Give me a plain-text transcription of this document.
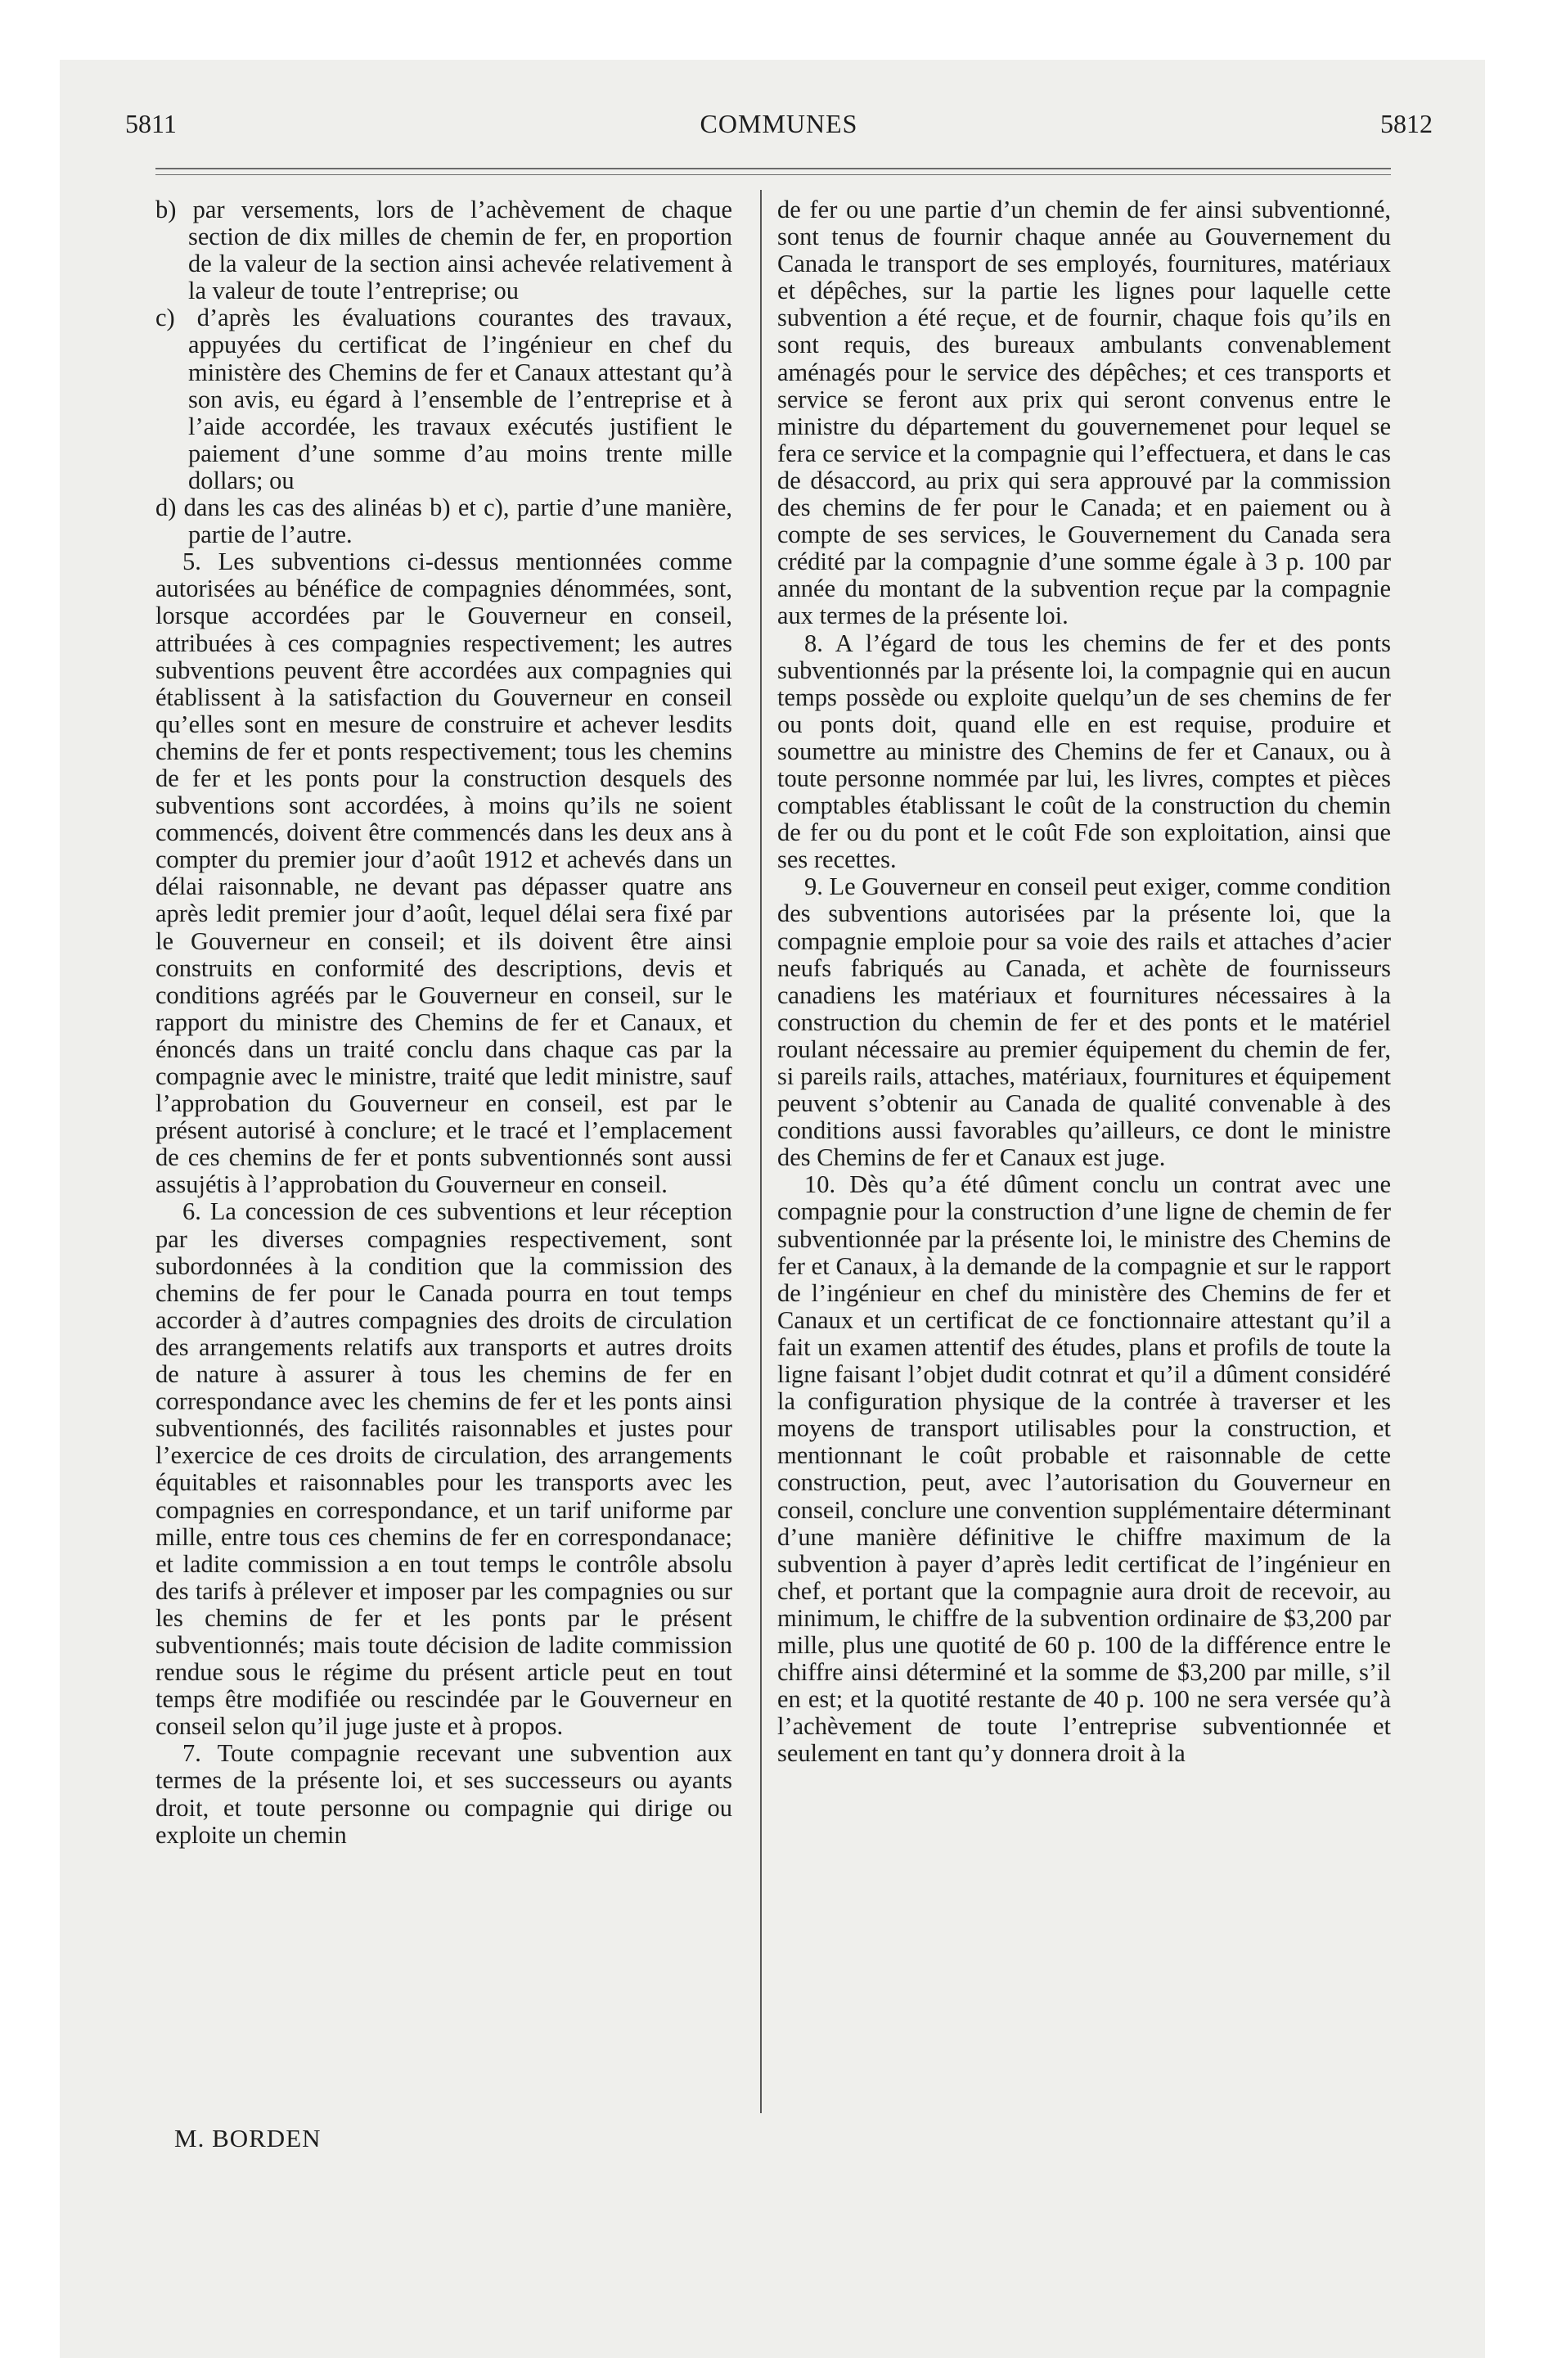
5811	COMMUNES	5812

b) par versements, lors de l’achèvement de chaque section de dix milles de chemin de fer, en proportion de la valeur de la section ainsi achevée relativement à la valeur de toute l’entreprise; ou

c) d’après les évaluations courantes des travaux, appuyées du certificat de l’ingénieur en chef du ministère des Chemins de fer et Canaux attestant qu’à son avis, eu égard à l’ensemble de l’entreprise et à l’aide accordée, les travaux exécutés justifient le paiement d’une somme d’au moins trente mille dollars; ou

d) dans les cas des alinéas b) et c), partie d’une manière, partie de l’autre.

5. Les subventions ci-dessus mentionnées comme autorisées au bénéfice de compagnies dénommées, sont, lorsque accordées par le Gouverneur en conseil, attribuées à ces compagnies respectivement; les autres subventions peuvent être accordées aux compagnies qui établissent à la satisfaction du Gouverneur en conseil qu’elles sont en mesure de construire et achever lesdits chemins de fer et ponts respectivement; tous les chemins de fer et les ponts pour la construction desquels des subventions sont accordées, à moins qu’ils ne soient commencés, doivent être commencés dans les deux ans à compter du premier jour d’août 1912 et achevés dans un délai raisonnable, ne devant pas dépasser quatre ans après ledit premier jour d’août, lequel délai sera fixé par le Gouverneur en conseil; et ils doivent être ainsi construits en conformité des descriptions, devis et conditions agréés par le Gouverneur en conseil, sur le rapport du ministre des Chemins de fer et Canaux, et énoncés dans un traité conclu dans chaque cas par la compagnie avec le ministre, traité que ledit ministre, sauf l’approbation du Gouverneur en conseil, est par le présent autorisé à conclure; et le tracé et l’emplacement de ces chemins de fer et ponts subventionnés sont aussi assujétis à l’approbation du Gouverneur en conseil.

6. La concession de ces subventions et leur réception par les diverses compagnies respectivement, sont subordonnées à la condition que la commission des chemins de fer pour le Canada pourra en tout temps accorder à d’autres compagnies des droits de circulation des arrangements relatifs aux transports et autres droits de nature à assurer à tous les chemins de fer en correspondance avec les chemins de fer et les ponts ainsi subventionnés, des facilités raisonnables et justes pour l’exercice de ces droits de circulation, des arrangements équitables et raisonnables pour les transports avec les compagnies en correspondance, et un tarif uniforme par mille, entre tous ces chemins de fer en correspondanace; et ladite commission a en tout temps le contrôle absolu des tarifs à prélever et imposer par les compagnies ou sur les chemins de fer et les ponts par le présent subventionnés; mais toute décision de ladite commission rendue sous le régime du présent article peut en tout temps être modifiée ou rescindée par le Gouverneur en conseil selon qu’il juge juste et à propos.

7. Toute compagnie recevant une subvention aux termes de la présente loi, et ses successeurs ou ayants droit, et toute personne ou compagnie qui dirige ou exploite un chemin

de fer ou une partie d’un chemin de fer ainsi subventionné, sont tenus de fournir chaque année au Gouvernement du Canada le transport de ses employés, fournitures, matériaux et dépêches, sur la partie les lignes pour laquelle cette subvention a été reçue, et de fournir, chaque fois qu’ils en sont requis, des bureaux ambulants convenablement aménagés pour le service des dépêches; et ces transports et service se feront aux prix qui seront convenus entre le ministre du département du gouvernemenet pour lequel se fera ce service et la compagnie qui l’effectuera, et dans le cas de désaccord, au prix qui sera approuvé par la commission des chemins de fer pour le Canada; et en paiement ou à compte de ses services, le Gouvernement du Canada sera crédité par la compagnie d’une somme égale à 3 p. 100 par année du montant de la subvention reçue par la compagnie aux termes de la présente loi.

8. A l’égard de tous les chemins de fer et des ponts subventionnés par la présente loi, la compagnie qui en aucun temps possède ou exploite quelqu’un de ses chemins de fer ou ponts doit, quand elle en est requise, produire et soumettre au ministre des Chemins de fer et Canaux, ou à toute personne nommée par lui, les livres, comptes et pièces comptables établissant le coût de la construction du chemin de fer ou du pont et le coût Fde son exploitation, ainsi que ses recettes.

9. Le Gouverneur en conseil peut exiger, comme condition des subventions autorisées par la présente loi, que la compagnie emploie pour sa voie des rails et attaches d’acier neufs fabriqués au Canada, et achète de fournisseurs canadiens les matériaux et fournitures nécessaires à la construction du chemin de fer et des ponts et le matériel roulant nécessaire au premier équipement du chemin de fer, si pareils rails, attaches, matériaux, fournitures et équipement peuvent s’obtenir au Canada de qualité convenable à des conditions aussi favorables qu’ailleurs, ce dont le ministre des Chemins de fer et Canaux est juge.

10. Dès qu’a été dûment conclu un contrat avec une compagnie pour la construction d’une ligne de chemin de fer subventionnée par la présente loi, le ministre des Chemins de fer et Canaux, à la demande de la compagnie et sur le rapport de l’ingénieur en chef du ministère des Chemins de fer et Canaux et un certificat de ce fonctionnaire attestant qu’il a fait un examen attentif des études, plans et profils de toute la ligne faisant l’objet dudit cotnrat et qu’il a dûment considéré la configuration physique de la contrée à traverser et les moyens de transport utilisables pour la construction, et mentionnant le coût probable et raisonnable de cette construction, peut, avec l’autorisation du Gouverneur en conseil, conclure une convention supplémentaire déterminant d’une manière définitive le chiffre maximum de la subvention à payer d’après ledit certificat de l’ingénieur en chef, et portant que la compagnie aura droit de recevoir, au minimum, le chiffre de la subvention ordinaire de $3,200 par mille, plus une quotité de 60 p. 100 de la différence entre le chiffre ainsi déterminé et la somme de $3,200 par mille, s’il en est; et la quotité restante de 40 p. 100 ne sera versée qu’à l’achèvement de toute l’entreprise subventionnée et seulement en tant qu’y donnera droit à la

M. BORDEN
